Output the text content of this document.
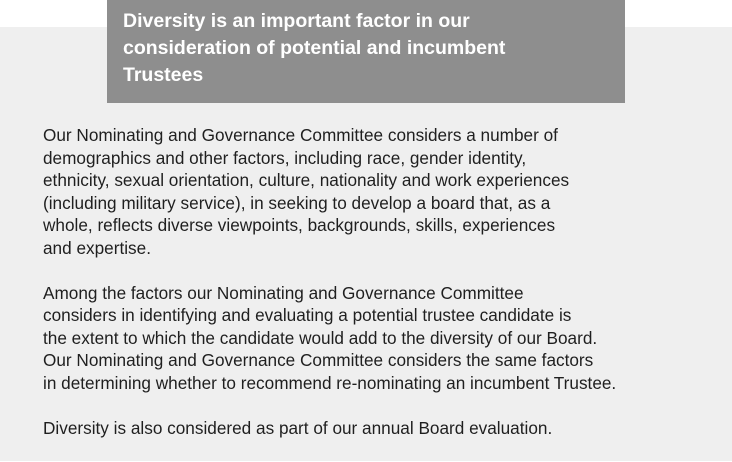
Diversity is an important factor in our
consideration of potential and incumbent
Trustees

Our Nominating and Governance Committee considers a number of
demographics and other factors, including race, gender identity,
ethnicity, sexual orientation, culture, nationality and work experiences
(including military service), in seeking to develop a board that, as a
whole, reflects diverse viewpoints, backgrounds, skills, experiences
and expertise.

Among the factors our Nominating and Governance Committee
considers in identifying and evaluating a potential trustee candidate is
the extent to which the candidate would add to the diversity of our Board.
Our Nominating and Governance Committee considers the same factors
in determining whether to recommend re-nominating an incumbent Trustee.

Diversity is also considered as part of our annual Board evaluation.
